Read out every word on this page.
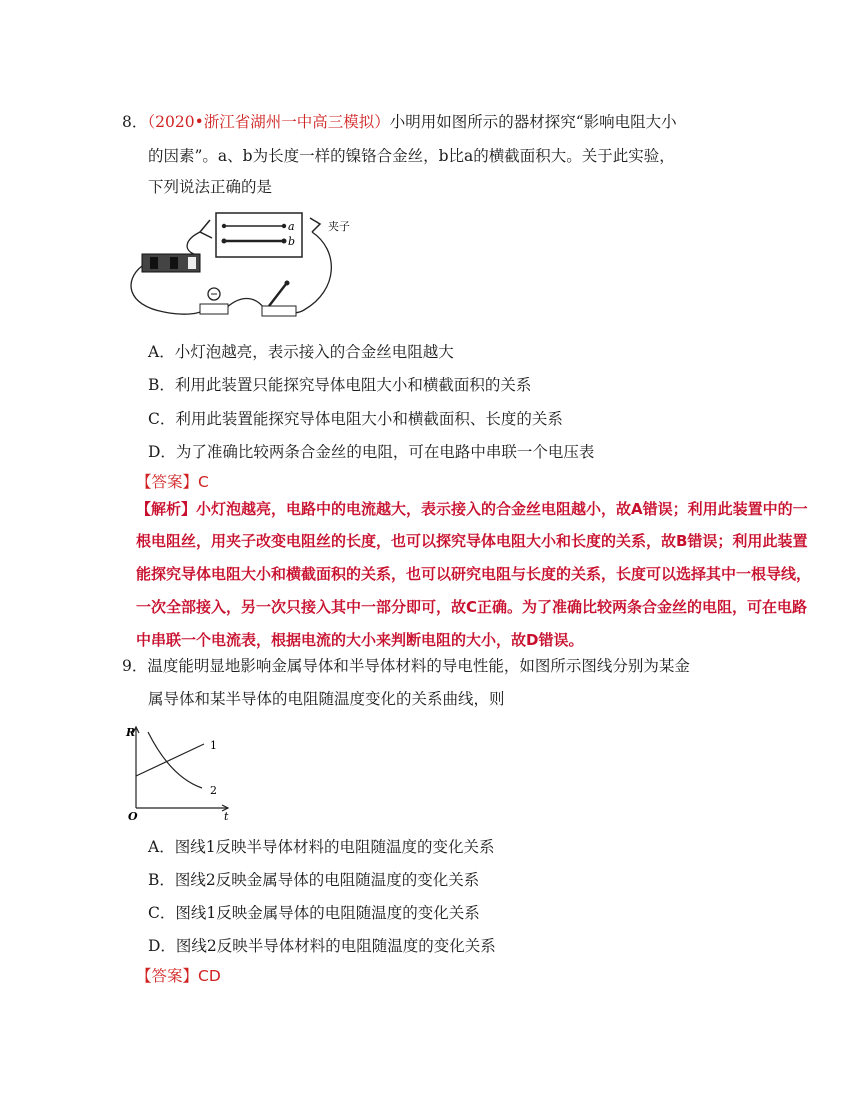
8．（2020•浙江省湖州一中高三模拟）小明用如图所示的器材探究“影响电阻大小
的因素”。a、b为长度一样的镍铬合金丝，b比a的横截面积大。关于此实验，
下列说法正确的是
a
b
夹子
A．小灯泡越亮，表示接入的合金丝电阻越大
B．利用此装置只能探究导体电阻大小和横截面积的关系
C．利用此装置能探究导体电阻大小和横截面积、长度的关系
D．为了准确比较两条合金丝的电阻，可在电路中串联一个电压表
【答案】C
【解析】小灯泡越亮，电路中的电流越大，表示接入的合金丝电阻越小，故A错误；利用此装置中的一
根电阻丝，用夹子改变电阻丝的长度，也可以探究导体电阻大小和长度的关系，故B错误；利用此装置
能探究导体电阻大小和横截面积的关系，也可以研究电阻与长度的关系，长度可以选择其中一根导线，
一次全部接入，另一次只接入其中一部分即可，故C正确。为了准确比较两条合金丝的电阻，可在电路
中串联一个电流表，根据电流的大小来判断电阻的大小，故D错误。
9．温度能明显地影响金属导体和半导体材料的导电性能，如图所示图线分别为某金
属导体和某半导体的电阻随温度变化的关系曲线，则
R
t
O
1
2
A．图线1反映半导体材料的电阻随温度的变化关系
B．图线2反映金属导体的电阻随温度的变化关系
C．图线1反映金属导体的电阻随温度的变化关系
D．图线2反映半导体材料的电阻随温度的变化关系
【答案】CD
